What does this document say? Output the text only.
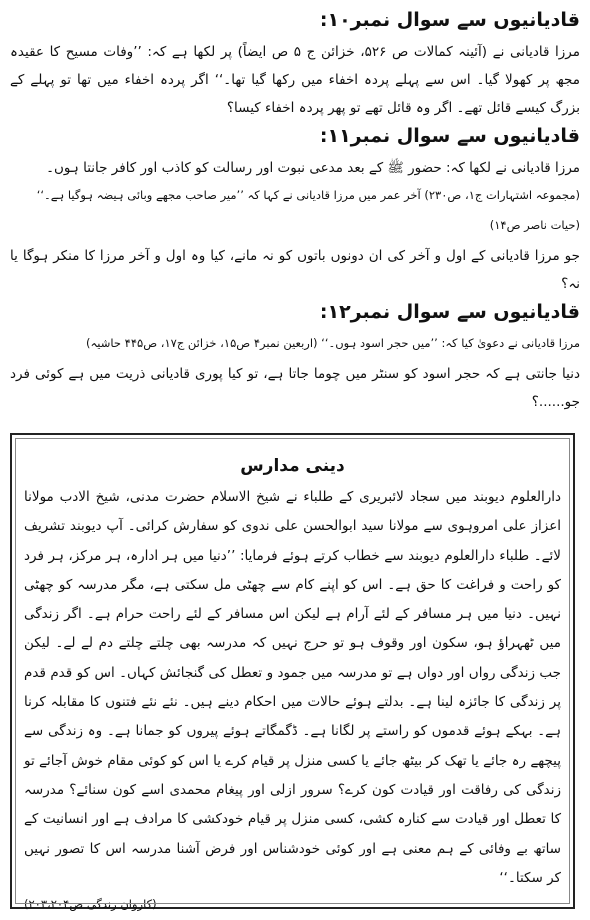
قادیانیوں سے سوال نمبر۱۰:

مرزا قادیانی نے (آئینہ کمالات ص ۵۲۶، خزائن ج ۵ ص ایضاً) پر لکھا ہے کہ: ’’وفات مسیح کا عقیدہ مجھ پر کھولا گیا۔ اس سے پہلے پردہ اخفاء میں رکھا گیا تھا۔‘‘ اگر پردہ اخفاء میں تھا تو پہلے کے بزرگ کیسے قائل تھے۔ اگر وہ قائل تھے تو پھر پردہ اخفاء کیسا؟

قادیانیوں سے سوال نمبر۱۱:

مرزا قادیانی نے لکھا کہ: حضور ﷺ کے بعد مدعی نبوت اور رسالت کو کاذب اور کافر جانتا ہوں۔

(مجموعہ اشتہارات ج۱، ص۲۳۰) آخر عمر میں مرزا قادیانی نے کہا کہ ’’میر صاحب مجھے وبائی ہیضہ ہوگیا ہے۔‘‘

(حیات ناصر ص۱۴)

جو مرزا قادیانی کے اول و آخر کی ان دونوں باتوں کو نہ مانے، کیا وہ اول و آخر مرزا کا منکر ہوگا یا نہ؟

قادیانیوں سے سوال نمبر۱۲:

مرزا قادیانی نے دعویٰ کیا کہ: ’’میں حجر اسود ہوں۔‘‘ (اربعین نمبر۴ ص۱۵، خزائن ج۱۷، ص۴۴۵ حاشیہ)

دنیا جانتی ہے کہ حجر اسود کو سنٹر میں چوما جاتا ہے، تو کیا پوری قادیانی ذریت میں ہے کوئی فرد جو......؟

دینی مدارس

دارالعلوم دیوبند میں سجاد لائبریری کے طلباء نے شیخ الاسلام حضرت مدنی، شیخ الادب مولانا اعزاز علی امروہوی سے مولانا سید ابوالحسن علی ندوی کو سفارش کرائی۔ آپ دیوبند تشریف لائے۔ طلباء دارالعلوم دیوبند سے خطاب کرتے ہوئے فرمایا: ’’دنیا میں ہر ادارہ، ہر مرکز، ہر فرد کو راحت و فراغت کا حق ہے۔ اس کو اپنے کام سے چھٹی مل سکتی ہے، مگر مدرسہ کو چھٹی نہیں۔ دنیا میں ہر مسافر کے لئے آرام ہے لیکن اس مسافر کے لئے راحت حرام ہے۔ اگر زندگی میں ٹھہراؤ ہو، سکون اور وقوف ہو تو حرج نہیں کہ مدرسہ بھی چلتے چلتے دم لے لے۔ لیکن جب زندگی رواں اور دواں ہے تو مدرسہ میں جمود و تعطل کی گنجائش کہاں۔ اس کو قدم قدم پر زندگی کا جائزہ لینا ہے۔ بدلتے ہوئے حالات میں احکام دینے ہیں۔ نئے نئے فتنوں کا مقابلہ کرنا ہے۔ بہکے ہوئے قدموں کو راستے پر لگانا ہے۔ ڈگمگاتے ہوئے پیروں کو جمانا ہے۔ وہ زندگی سے پیچھے رہ جائے یا تھک کر بیٹھ جائے یا کسی منزل پر قیام کرے یا اس کو کوئی مقام خوش آجائے تو زندگی کی رفاقت اور قیادت کون کرے؟ سرور ازلی اور پیغام محمدی اسے کون سنائے؟ مدرسہ کا تعطل اور قیادت سے کنارہ کشی، کسی منزل پر قیام خودکشی کا مرادف ہے اور انسانیت کے ساتھ بے وفائی کے ہم معنی ہے اور کوئی خودشناس اور فرض آشنا مدرسہ اس کا تصور نہیں کر سکتا۔‘‘

(کاروان زندگی ص۲۰۳،۲۰۴)
